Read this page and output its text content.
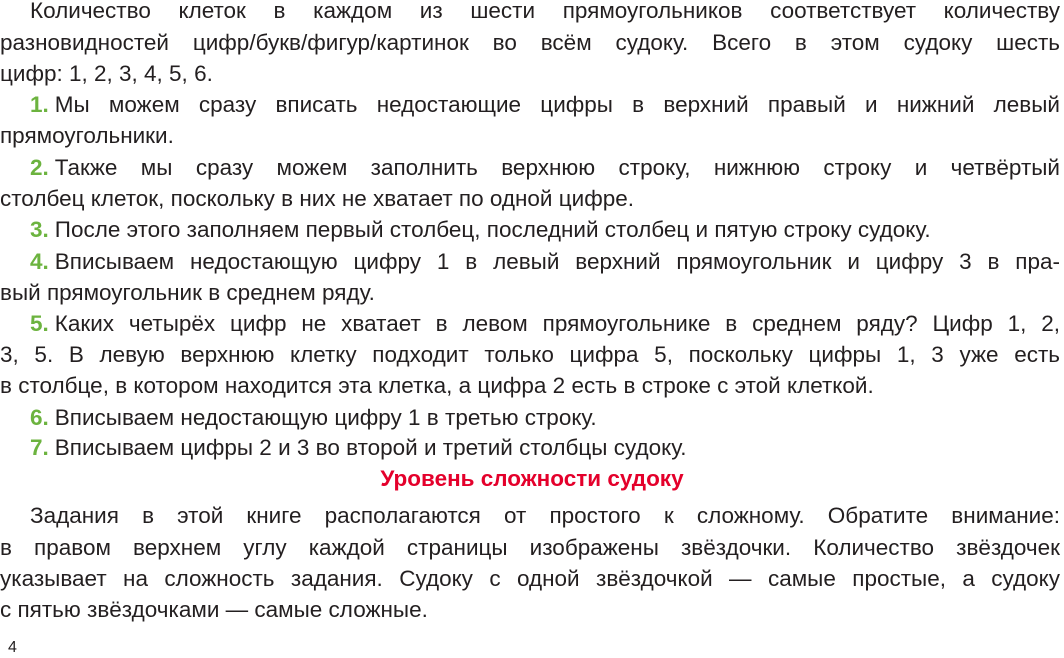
Количество клеток в каждом из шести прямоугольников соответствует количеству
разновидностей цифр/букв/фигур/картинок во всём судоку. Всего в этом судоку шесть
цифр: 1, 2, 3, 4, 5, 6.
1. Мы можем сразу вписать недостающие цифры в верхний правый и нижний левый
прямоугольники.
2. Также мы сразу можем заполнить верхнюю строку, нижнюю строку и четвёртый
столбец клеток, поскольку в них не хватает по одной цифре.
3. После этого заполняем первый столбец, последний столбец и пятую строку судоку.
4. Вписываем недостающую цифру 1 в левый верхний прямоугольник и цифру 3 в пра-
вый прямоугольник в среднем ряду.
5. Каких четырёх цифр не хватает в левом прямоугольнике в среднем ряду? Цифр 1, 2,
3, 5. В левую верхнюю клетку подходит только цифра 5, поскольку цифры 1, 3 уже есть
в столбце, в котором находится эта клетка, а цифра 2 есть в строке с этой клеткой.
6. Вписываем недостающую цифру 1 в третью строку.
7. Вписываем цифры 2 и 3 во второй и третий столбцы судоку.
Уровень сложности судоку
Задания в этой книге располагаются от простого к сложному. Обратите внимание:
в правом верхнем углу каждой страницы изображены звёздочки. Количество звёздочек
указывает на сложность задания. Судоку с одной звёздочкой — самые простые, а судоку
с пятью звёздочками — самые сложные.
4
